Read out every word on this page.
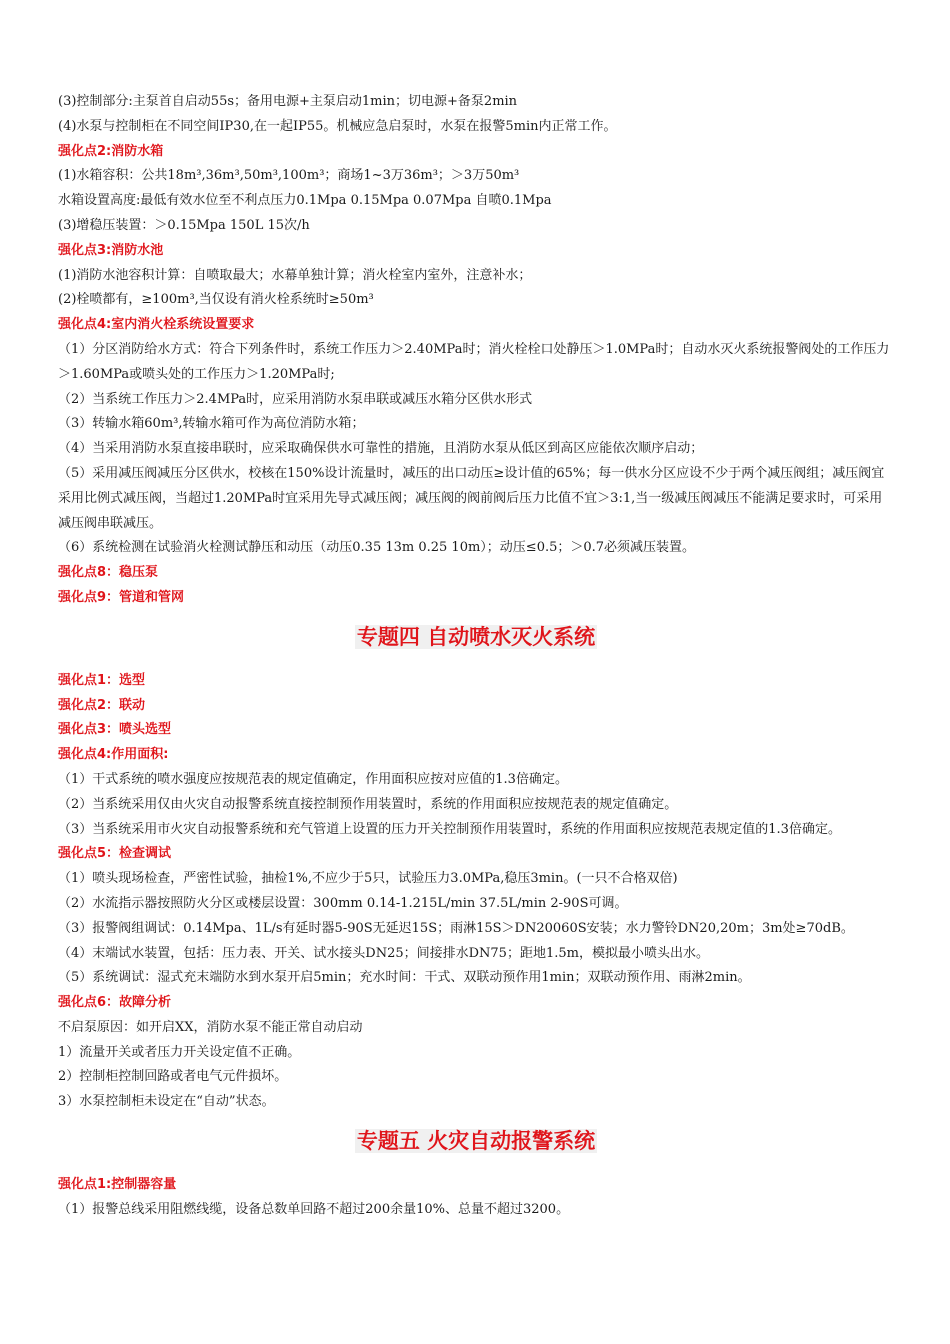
(3)控制部分:主泵首自启动55s；备用电源+主泵启动1min；切电源+备泵2min
(4)水泵与控制柜在不同空间IP30,在一起IP55。机械应急启泵时，水泵在报警5min内正常工作。
强化点2:消防水箱
(1)水箱容积：公共18m³,36m³,50m³,100m³；商场1~3万36m³；＞3万50m³
水箱设置高度:最低有效水位至不利点压力0.1Mpa 0.15Mpa 0.07Mpa 自喷0.1Mpa
(3)增稳压装置：＞0.15Mpa 150L 15次/h
强化点3:消防水池
(1)消防水池容积计算：自喷取最大；水幕单独计算；消火栓室内室外，注意补水；
(2)栓喷都有，≥100m³,当仅设有消火栓系统时≥50m³
强化点4:室内消火栓系统设置要求
（1）分区消防给水方式：符合下列条件时，系统工作压力＞2.40MPa时；消火栓栓口处静压＞1.0MPa时；自动水灭火系统报警阀处的工作压力＞1.60MPa或喷头处的工作压力＞1.20MPa时;
（2）当系统工作压力＞2.4MPa时，应采用消防水泵串联或减压水箱分区供水形式
（3）转输水箱60m³,转输水箱可作为高位消防水箱；
（4）当采用消防水泵直接串联时，应采取确保供水可靠性的措施，且消防水泵从低区到高区应能依次顺序启动；
（5）采用减压阀减压分区供水，校核在150%设计流量时，减压的出口动压≥设计值的65%；每一供水分区应设不少于两个减压阀组；减压阀宜采用比例式减压阀，当超过1.20MPa时宜采用先导式减压阀；减压阀的阀前阀后压力比值不宜＞3:1,当一级减压阀减压不能满足要求时，可采用减压阀串联减压。
（6）系统检测在试验消火栓测试静压和动压（动压0.35 13m 0.25 10m）；动压≤0.5；＞0.7必须减压装置。
强化点8：稳压泵
强化点9：管道和管网
专题四 自动喷水灭火系统
强化点1：选型
强化点2：联动
强化点3：喷头选型
强化点4:作用面积:
（1）干式系统的喷水强度应按规范表的规定值确定，作用面积应按对应值的1.3倍确定。
（2）当系统采用仅由火灾自动报警系统直接控制预作用装置时，系统的作用面积应按规范表的规定值确定。
（3）当系统采用市火灾自动报警系统和充气管道上设置的压力开关控制预作用装置时，系统的作用面积应按规范表规定值的1.3倍确定。
强化点5：检查调试
（1）喷头现场检查，严密性试验，抽检1%,不应少于5只，试验压力3.0MPa,稳压3min。(一只不合格双倍)
（2）水流指示器按照防火分区或楼层设置：300mm 0.14-1.215L/min 37.5L/min 2-90S可调。
（3）报警阀组调试：0.14Mpa、1L/s有延时器5-90S无延迟15S；雨淋15S＞DN20060S安装；水力警铃DN20,20m；3m处≥70dB。
（4）末端试水装置，包括：压力表、开关、试水接头DN25；间接排水DN75；距地1.5m，模拟最小喷头出水。
（5）系统调试：湿式充末端防水到水泵开启5min；充水时间：干式、双联动预作用1min；双联动预作用、雨淋2min。
强化点6：故障分析
不启泵原因：如开启XX，消防水泵不能正常自动启动
1）流量开关或者压力开关设定值不正确。
2）控制柜控制回路或者电气元件损坏。
3）水泵控制柜未设定在“自动”状态。
专题五 火灾自动报警系统
强化点1:控制器容量
（1）报警总线采用阻燃线缆，设备总数单回路不超过200余量10%、总量不超过3200。
